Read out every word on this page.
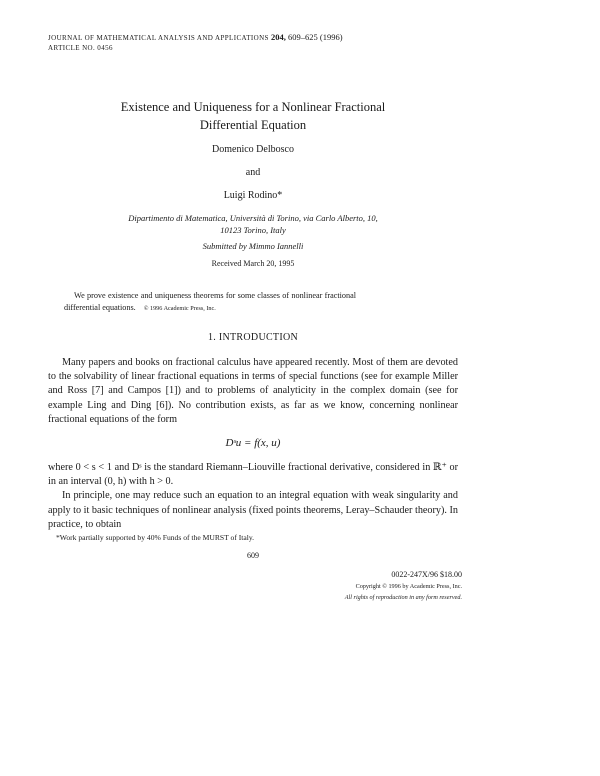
JOURNAL OF MATHEMATICAL ANALYSIS AND APPLICATIONS 204, 609–625 (1996)
ARTICLE NO. 0456
Existence and Uniqueness for a Nonlinear Fractional
Differential Equation
Domenico Delbosco
and
Luigi Rodino*
Dipartimento di Matematica, Università di Torino, via Carlo Alberto, 10,
10123 Torino, Italy
Submitted by Mimmo Iannelli
Received March 20, 1995
We prove existence and uniqueness theorems for some classes of nonlinear fractional differential equations. © 1996 Academic Press, Inc.
1. INTRODUCTION

Many papers and books on fractional calculus have appeared recently. Most of them are devoted to the solvability of linear fractional equations in terms of special functions (see for example Miller and Ross [7] and Campos [1]) and to problems of analyticity in the complex domain (see for example Ling and Ding [6]). No contribution exists, as far as we know, concerning nonlinear fractional equations of the form

Dˢu = f(x, u)

where 0 < s < 1 and Dˢ is the standard Riemann–Liouville fractional derivative, considered in ℝ⁺ or in an interval (0, h) with h > 0.

In principle, one may reduce such an equation to an integral equation with weak singularity and apply to it basic techniques of nonlinear analysis (fixed points theorems, Leray–Schauder theory). In practice, to obtain

*Work partially supported by 40% Funds of the MURST of Italy.
609
0022-247X/96 $18.00
Copyright © 1996 by Academic Press, Inc.
All rights of reproduction in any form reserved.
